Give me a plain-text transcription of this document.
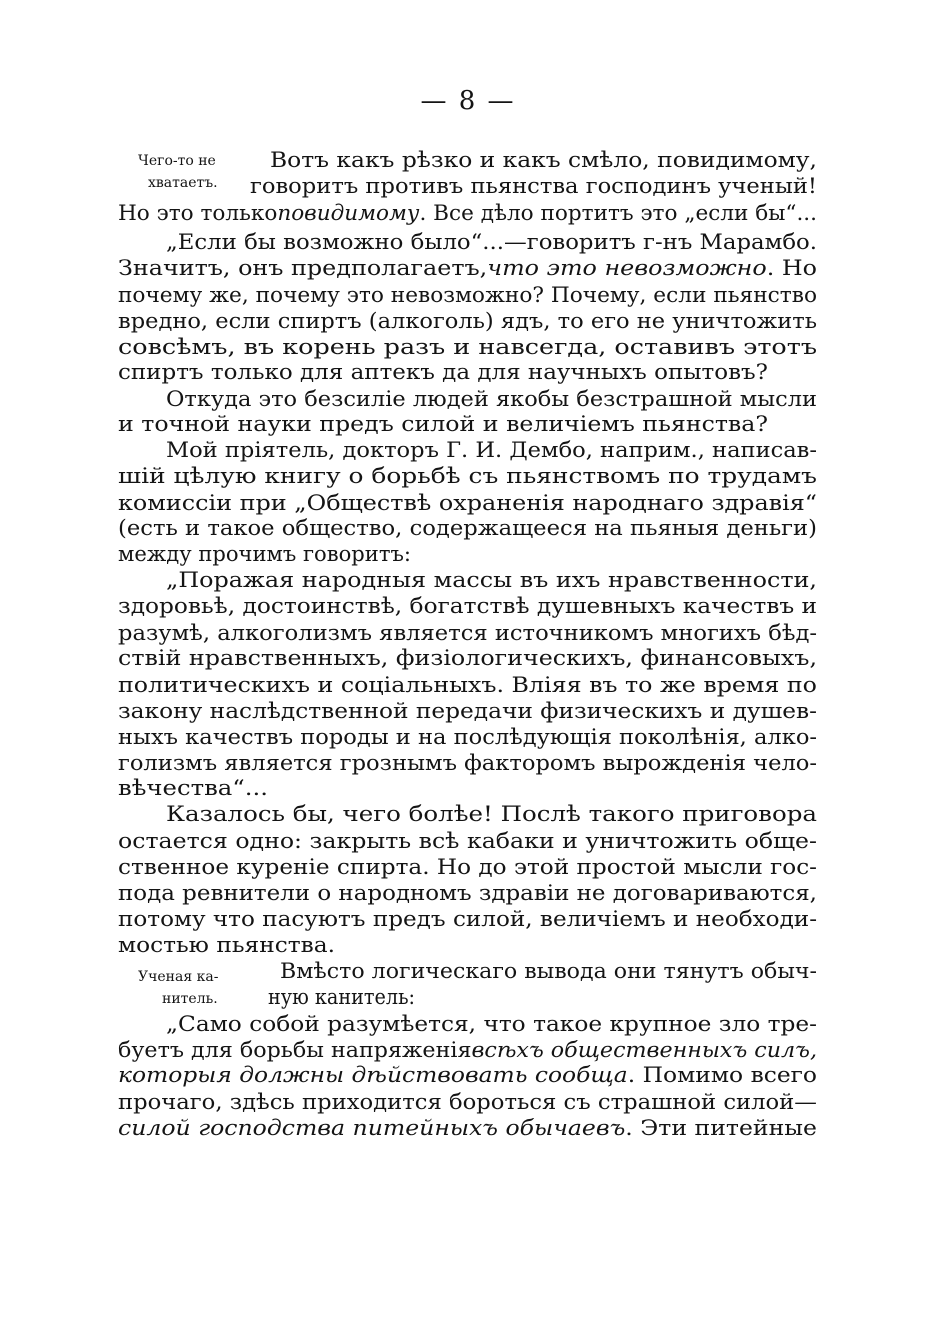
— 8 —
Чего-то не
хватаетъ.
Ученая ка-
нитель.
Вотъ какъ рѣзко и какъ смѣло, повидимому,
говоритъ противъ пьянства господинъ ученый!
Но это толькоповидимому. Все дѣло портитъ это „если бы“...
„Если бы возможно было“...—говоритъ г-нъ Марамбо.
Значитъ, онъ предполагаетъ,что это невозможно. Но
почему же, почему это невозможно? Почему, если пьянство
вредно, если спиртъ (алкоголь) ядъ, то его не уничтожить
совсѣмъ, въ корень разъ и навсегда, оставивъ этотъ
спиртъ только для аптекъ да для научныхъ опытовъ?
Откуда это безсиліе людей якобы безстрашной мысли
и точной науки предъ силой и величіемъ пьянства?
Мой пріятель, докторъ Г. И. Дембо, наприм., написав-
шій цѣлую книгу о борьбѣ съ пьянствомъ по трудамъ
комиссіи при „Обществѣ охраненія народнаго здравія“
(есть и такое общество, содержащееся на пьяныя деньги)
между прочимъ говоритъ:
„Поражая народныя массы въ ихъ нравственности,
здоровьѣ, достоинствѣ, богатствѣ душевныхъ качествъ и
разумѣ, алкоголизмъ является источникомъ многихъ бѣд-
ствій нравственныхъ, физіологическихъ, финансовыхъ,
политическихъ и соціальныхъ. Вліяя въ то же время по
закону наслѣдственной передачи физическихъ и душев-
ныхъ качествъ породы и на послѣдующія поколѣнія, алко-
голизмъ является грознымъ факторомъ вырожденія чело-
вѣчества“...
Казалось бы, чего болѣе! Послѣ такого приговора
остается одно: закрыть всѣ кабаки и уничтожить обще-
ственное куреніе спирта. Но до этой простой мысли гос-
пода ревнители о народномъ здравіи не договариваются,
потому что пасуютъ предъ силой, величіемъ и необходи-
мостью пьянства.
Вмѣсто логическаго вывода они тянутъ обыч-
ную канитель:
„Само собой разумѣется, что такое крупное зло тре-
буетъ для борьбы напряженіявсѣхъ общественныхъ силъ,
которыя должны дѣйствовать сообща. Помимо всего
прочаго, здѣсь приходится бороться съ страшной силой—
силой господства питейныхъ обычаевъ. Эти питейные
